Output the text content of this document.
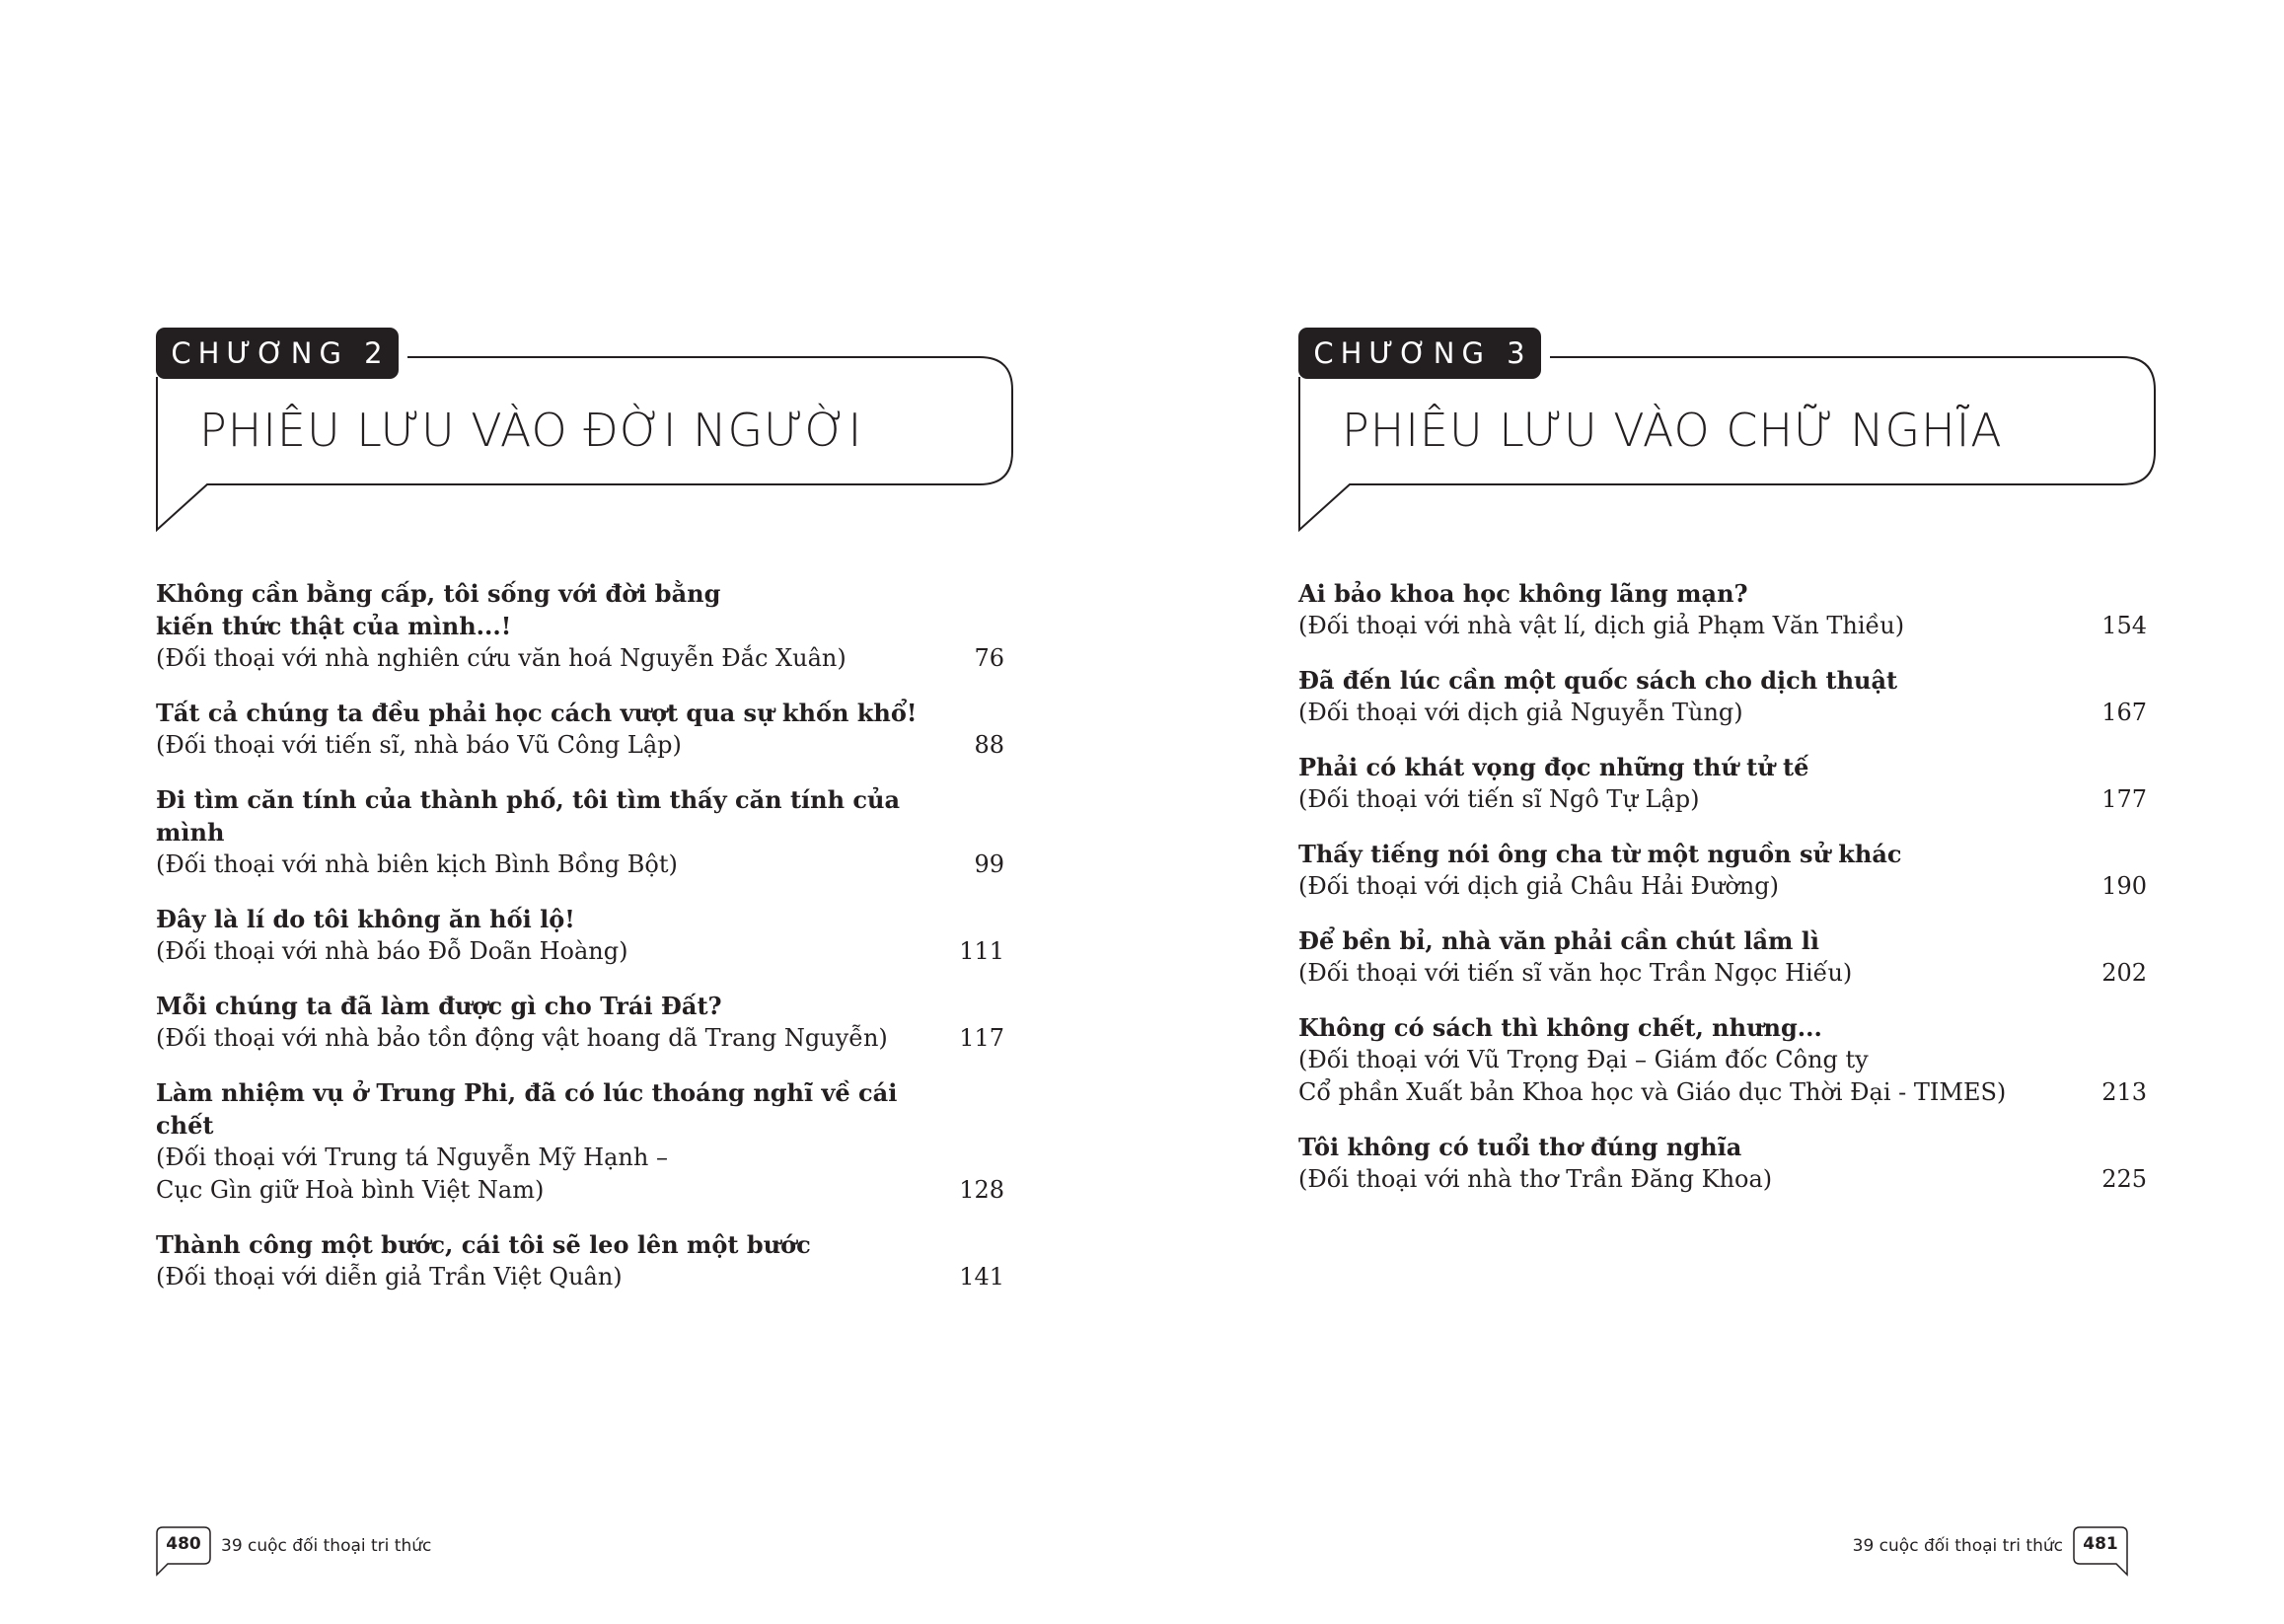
CHƯƠNG 2
PHIÊU LƯU VÀO ĐỜI NGƯỜI

Không cần bằng cấp, tôi sống với đời bằng
kiến thức thật của mình...!

(Đối thoại với nhà nghiên cứu văn hoá Nguyễn Đắc Xuân)	76

Tất cả chúng ta đều phải học cách vượt qua sự khốn khổ!

(Đối thoại với tiến sĩ, nhà báo Vũ Công Lập)	88

Đi tìm căn tính của thành phố, tôi tìm thấy căn tính của mình

(Đối thoại với nhà biên kịch Bình Bồng Bột)	99

Đây là lí do tôi không ăn hối lộ!

(Đối thoại với nhà báo Đỗ Doãn Hoàng)	111

Mỗi chúng ta đã làm được gì cho Trái Đất?

(Đối thoại với nhà bảo tồn động vật hoang dã Trang Nguyễn)	117

Làm nhiệm vụ ở Trung Phi, đã có lúc thoáng nghĩ về cái chết

(Đối thoại với Trung tá Nguyễn Mỹ Hạnh –
Cục Gìn giữ Hoà bình Việt Nam)	128

Thành công một bước, cái tôi sẽ leo lên một bước

(Đối thoại với diễn giả Trần Việt Quân)	141
480	39 cuộc đối thoại tri thức
CHƯƠNG 3
PHIÊU LƯU VÀO CHỮ NGHĨA

Ai bảo khoa học không lãng mạn?

(Đối thoại với nhà vật lí, dịch giả Phạm Văn Thiều)	154

Đã đến lúc cần một quốc sách cho dịch thuật

(Đối thoại với dịch giả Nguyễn Tùng)	167

Phải có khát vọng đọc những thứ tử tế

(Đối thoại với tiến sĩ Ngô Tự Lập)	177

Thấy tiếng nói ông cha từ một nguồn sử khác

(Đối thoại với dịch giả Châu Hải Đường)	190

Để bền bỉ, nhà văn phải cần chút lầm lì

(Đối thoại với tiến sĩ văn học Trần Ngọc Hiếu)	202

Không có sách thì không chết, nhưng...

(Đối thoại với Vũ Trọng Đại – Giám đốc Công ty
Cổ phần Xuất bản Khoa học và Giáo dục Thời Đại - TIMES)	213

Tôi không có tuổi thơ đúng nghĩa

(Đối thoại với nhà thơ Trần Đăng Khoa)	225
39 cuộc đối thoại tri thức	481
